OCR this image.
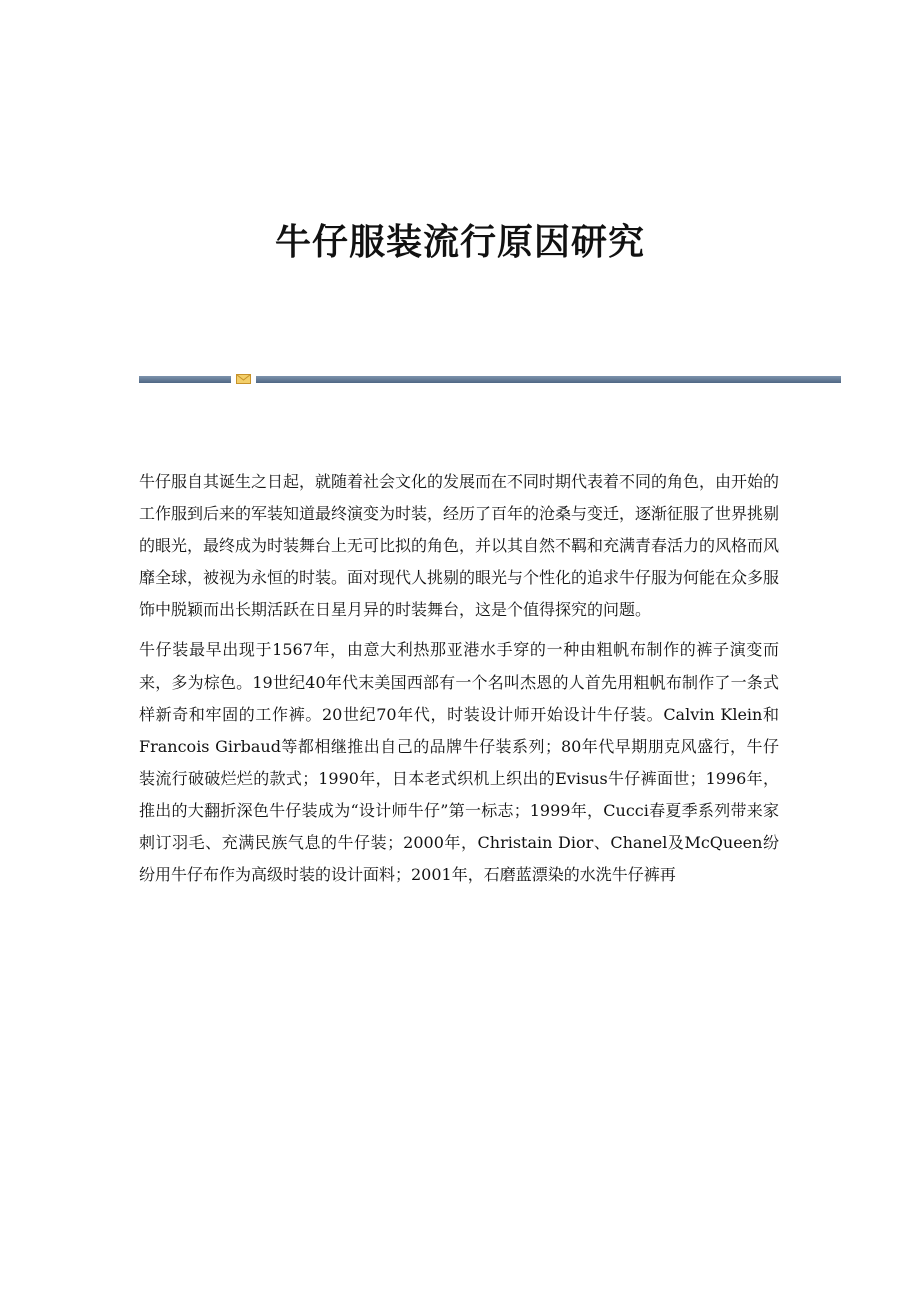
牛仔服装流行原因研究

牛仔服自其诞生之日起，就随着社会文化的发展而在不同时期代表着不同的角色，由开始的工作服到后来的军装知道最终演变为时装，经历了百年的沧桑与变迁，逐渐征服了世界挑剔的眼光，最终成为时装舞台上无可比拟的角色，并以其自然不羁和充满青春活力的风格而风靡全球，被视为永恒的时装。面对现代人挑剔的眼光与个性化的追求牛仔服为何能在众多服饰中脱颖而出长期活跃在日星月异的时装舞台，这是个值得探究的问题。

牛仔装最早出现于1567年，由意大利热那亚港水手穿的一种由粗帆布制作的裤子演变而来，多为棕色。19世纪40年代末美国西部有一个名叫杰恩的人首先用粗帆布制作了一条式样新奇和牢固的工作裤。20世纪70年代，时装设计师开始设计牛仔装。Calvin Klein和Francois Girbaud等都相继推出自己的品牌牛仔装系列；80年代早期朋克风盛行，牛仔装流行破破烂烂的款式；1990年，日本老式织机上织出的Evisus牛仔裤面世；1996年，推出的大翻折深色牛仔装成为“设计师牛仔”第一标志；1999年，Cucci春夏季系列带来家刺订羽毛、充满民族气息的牛仔装；2000年，Christain Dior、Chanel及McQueen纷纷用牛仔布作为高级时装的设计面料；2001年，石磨蓝漂染的水洗牛仔裤再
